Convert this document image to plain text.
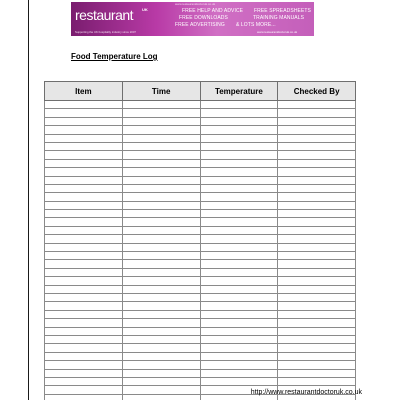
restaurant UK
www.restaurantdoctoruk.co.uk
Supporting the UK hospitality industry since 2007
FREE HELP AND ADVICE
FREE DOWNLOADS
FREE ADVERTISING
FREE SPREADSHEETS
TRAINING MANUALS
& LOTS MORE...
www.restaurantdoctoruk.co.uk
Food Temperature Log
Item	Time	Temperature	Checked By

http://www.restaurantdoctoruk.co.uk
